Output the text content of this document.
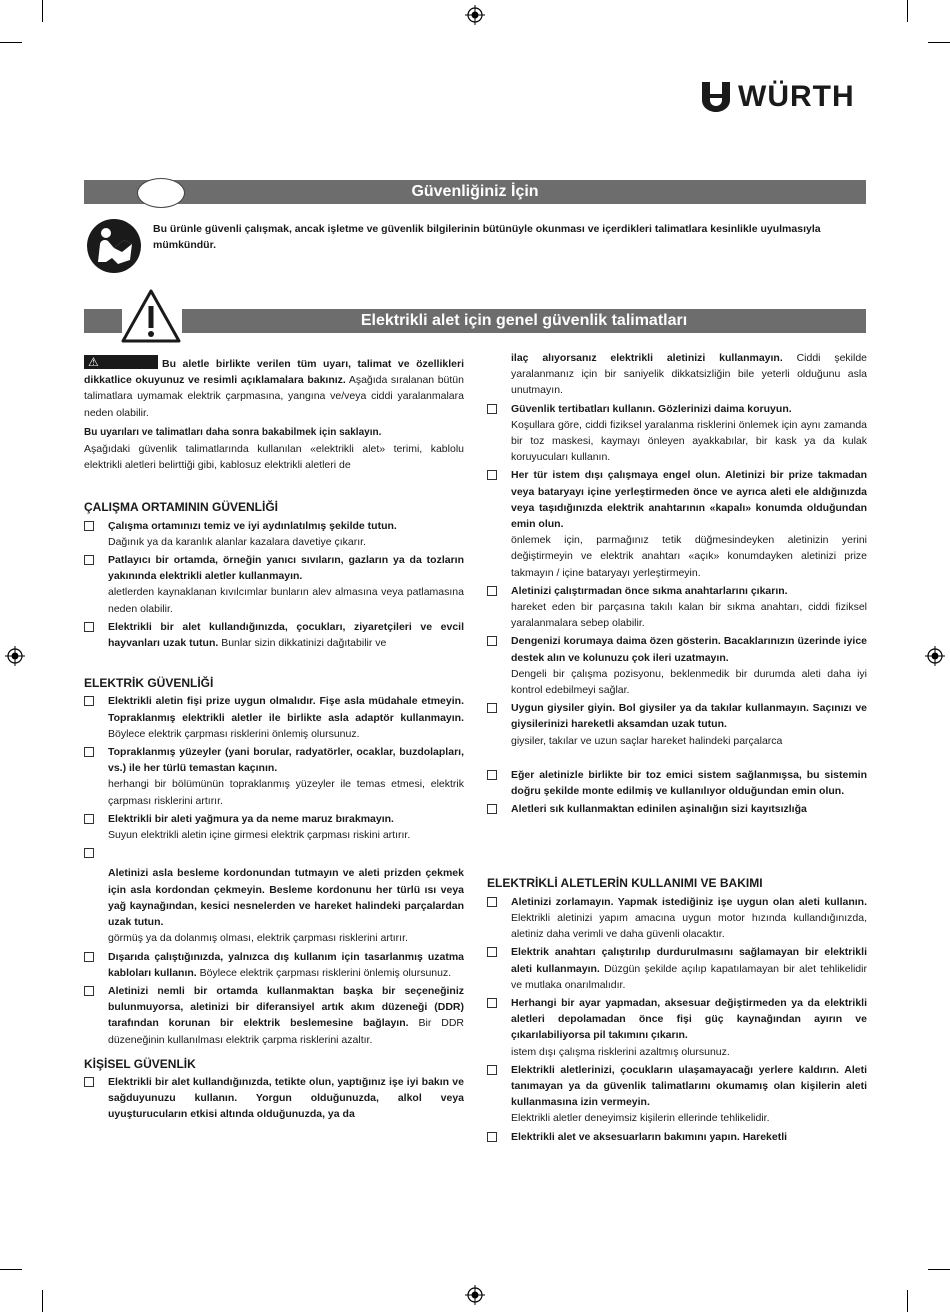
WÜRTH
Güvenliğiniz İçin
Bu ürünle güvenli çalışmak, ancak işletme ve güvenlik bilgilerinin bütünüyle okunması ve içerdikleri talimatlara kesinlikle uyulmasıyla mümkündür.
Elektrikli alet için genel güvenlik talimatları

⚠	Bu aletle birlikte verilen tüm uyarı, talimat ve özellikleri dikkatlice okuyunuz ve resimli açıklamalara bakınız. Aşağıda sıralanan bütün talimatlara uymamak elektrik çarpmasına, yangına ve/veya ciddi yaralanmalara neden olabilir.

Bu uyarıları ve talimatları daha sonra bakabilmek için saklayın.

Aşağıdaki güvenlik talimatlarında kullanılan «elektrikli alet» terimi, kablolu elektrikli aletleri belirttiği gibi, kablosuz elektrikli aletleri de

ÇALIŞMA ORTAMININ GÜVENLİĞİ

Çalışma ortamınızı temiz ve iyi aydınlatılmış şekilde tutun.
Dağınık ya da karanlık alanlar kazalara davetiye çıkarır.

Patlayıcı bir ortamda, örneğin yanıcı sıvıların, gazların ya da tozların yakınında elektrikli aletler kullanmayın.
aletlerden kaynaklanan kıvılcımlar bunların alev almasına veya patlamasına neden olabilir.

Elektrikli bir alet kullandığınızda, çocukları, ziyaretçileri ve evcil hayvanları uzak tutun. Bunlar sizin dikkatinizi dağıtabilir ve

ELEKTRİK GÜVENLİĞİ

Elektrikli aletin fişi prize uygun olmalıdır. Fişe asla müdahale etmeyin. Topraklanmış elektrikli aletler ile birlikte asla adaptör kullanmayın. Böylece elektrik çarpması risklerini önlemiş olursunuz.

Topraklanmış yüzeyler (yani borular, radyatörler, ocaklar, buzdolapları, vs.) ile her türlü temastan kaçının.
herhangi bir bölümünün topraklanmış yüzeyler ile temas etmesi, elektrik çarpması risklerini artırır.

Elektrikli bir aleti yağmura ya da neme maruz bırakmayın.
Suyun elektrikli aletin içine girmesi elektrik çarpması riskini artırır.

Aletinizi asla besleme kordonundan tutmayın ve aleti prizden çekmek için asla kordondan çekmeyin. Besleme kordonunu her türlü ısı veya yağ kaynağından, kesici nesnelerden ve hareket halindeki parçalardan uzak tutun.
görmüş ya da dolanmış olması, elektrik çarpması risklerini artırır.

Dışarıda çalıştığınızda, yalnızca dış kullanım için tasarlanmış uzatma kabloları kullanın. Böylece elektrik çarpması risklerini önlemiş olursunuz.

Aletinizi nemli bir ortamda kullanmaktan başka bir seçeneğiniz bulunmuyorsa, aletinizi bir diferansiyel artık akım düzeneği (DDR) tarafından korunan bir elektrik beslemesine bağlayın. Bir DDR düzeneğinin kullanılması elektrik çarpma risklerini azaltır.

KİŞİSEL GÜVENLİK

Elektrikli bir alet kullandığınızda, tetikte olun, yaptığınız işe iyi bakın ve sağduyunuzu kullanın. Yorgun olduğunuzda, alkol veya uyuşturucuların etkisi altında olduğunuzda, ya da

ilaç alıyorsanız elektrikli aletinizi kullanmayın. Ciddi şekilde yaralanmanız için bir saniyelik dikkatsizliğin bile yeterli olduğunu asla unutmayın.

Güvenlik tertibatları kullanın. Gözlerinizi daima koruyun.
Koşullara göre, ciddi fiziksel yaralanma risklerini önlemek için aynı zamanda bir toz maskesi, kaymayı önleyen ayakkabılar, bir kask ya da kulak koruyucuları kullanın.

Her tür istem dışı çalışmaya engel olun. Aletinizi bir prize takmadan veya bataryayı içine yerleştirmeden önce ve ayrıca aleti ele aldığınızda veya taşıdığınızda elektrik anahtarının «kapalı» konumda olduğundan emin olun.
önlemek için, parmağınız tetik düğmesindeyken aletinizin yerini değiştirmeyin ve elektrik anahtarı «açık» konumdayken aletinizi prize takmayın / içine bataryayı yerleştirmeyin.

Aletinizi çalıştırmadan önce sıkma anahtarlarını çıkarın.
hareket eden bir parçasına takılı kalan bir sıkma anahtarı, ciddi fiziksel yaralanmalara sebep olabilir.

Dengenizi korumaya daima özen gösterin. Bacaklarınızın üzerinde iyice destek alın ve kolunuzu çok ileri uzatmayın.
Dengeli bir çalışma pozisyonu, beklenmedik bir durumda aleti daha iyi kontrol edebilmeyi sağlar.

Uygun giysiler giyin. Bol giysiler ya da takılar kullanmayın. Saçınızı ve giysilerinizi hareketli aksamdan uzak tutun.
giysiler, takılar ve uzun saçlar hareket halindeki parçalarca

Eğer aletinizle birlikte bir toz emici sistem sağlanmışsa, bu sistemin doğru şekilde monte edilmiş ve kullanılıyor olduğundan emin olun.

Aletleri sık kullanmaktan edinilen aşinalığın sizi kayıtsızlığa

ELEKTRİKLİ ALETLERİN KULLANIMI VE BAKIMI

Aletinizi zorlamayın. Yapmak istediğiniz işe uygun olan aleti kullanın. Elektrikli aletinizi yapım amacına uygun motor hızında kullandığınızda, aletiniz daha verimli ve daha güvenli olacaktır.

Elektrik anahtarı çalıştırılıp durdurulmasını sağlamayan bir elektrikli aleti kullanmayın. Düzgün şekilde açılıp kapatılamayan bir alet tehlikelidir ve mutlaka onarılmalıdır.

Herhangi bir ayar yapmadan, aksesuar değiştirmeden ya da elektrikli aletleri depolamadan önce fişi güç kaynağından ayırın ve çıkarılabiliyorsa pil takımını çıkarın.
istem dışı çalışma risklerini azaltmış olursunuz.

Elektrikli aletlerinizi, çocukların ulaşamayacağı yerlere kaldırın. Aleti tanımayan ya da güvenlik talimatlarını okumamış olan kişilerin aleti kullanmasına izin vermeyin.
Elektrikli aletler deneyimsiz kişilerin ellerinde tehlikelidir.

Elektrikli alet ve aksesuarların bakımını yapın. Hareketli
